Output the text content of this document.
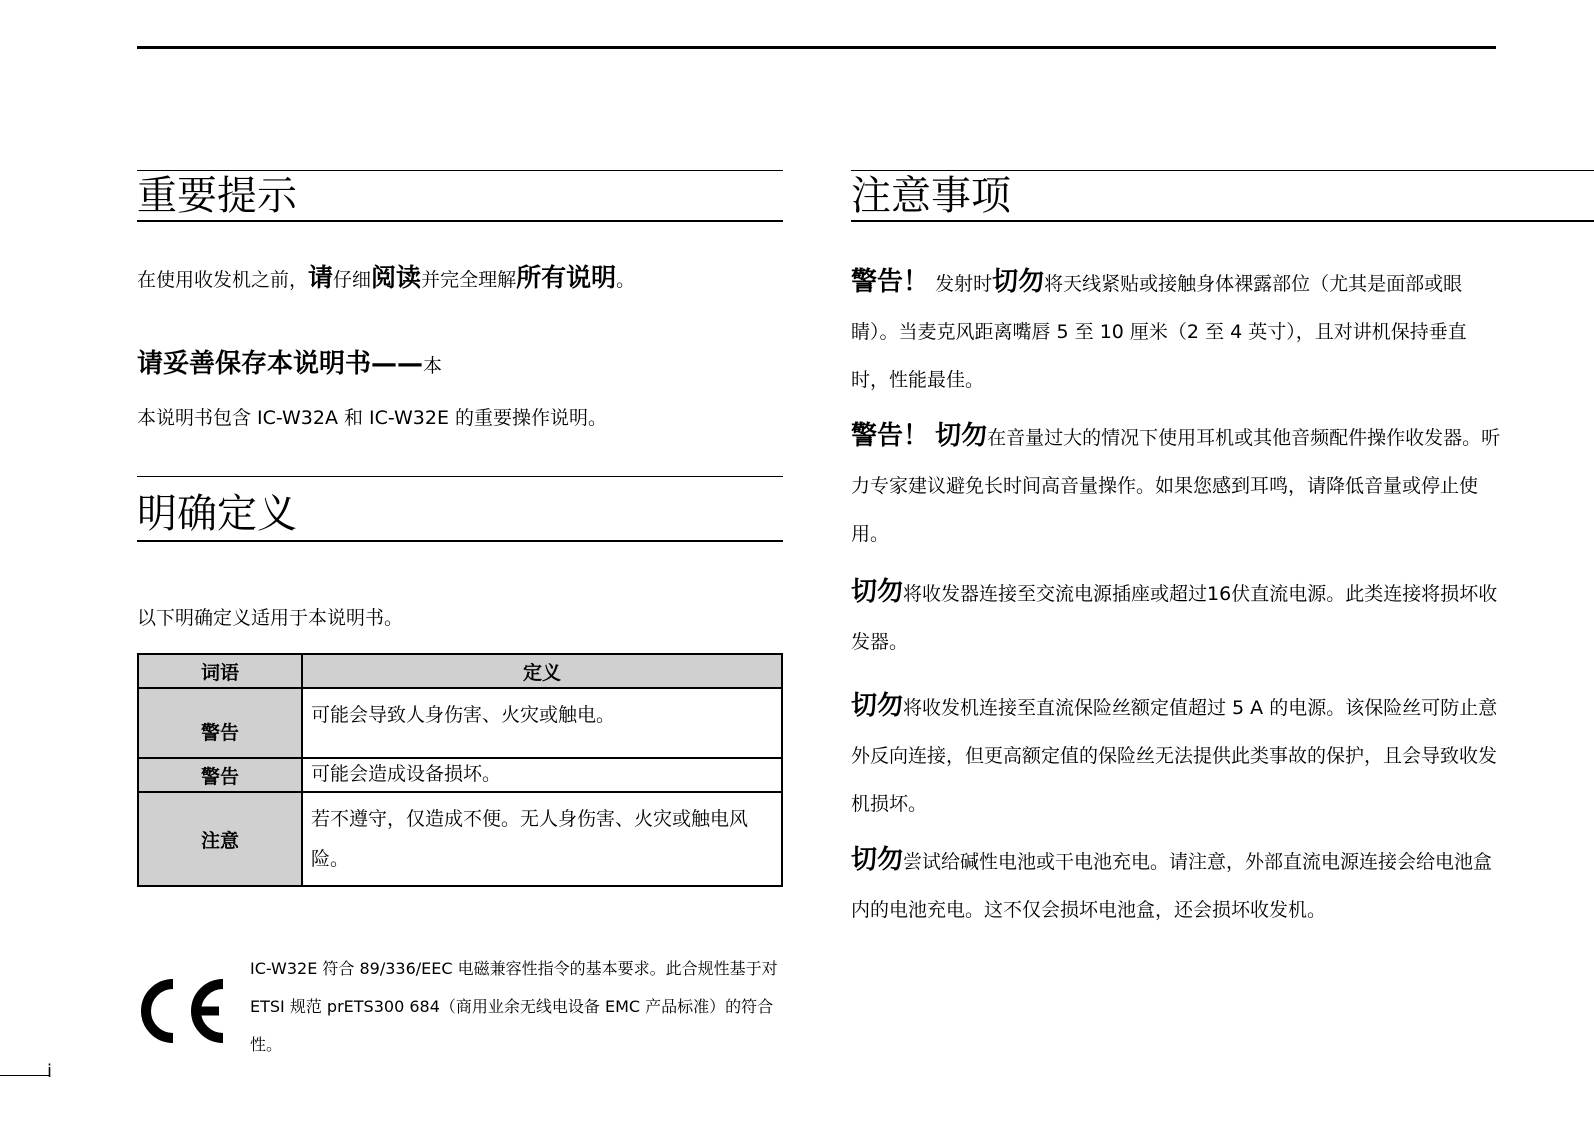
重要提示
在使用收发机之前，请仔细阅读并完全理解所有说明。
请妥善保存本说明书——本
本说明书包含 IC-W32A 和 IC-W32E 的重要操作说明。
明确定义
以下明确定义适用于本说明书。
词语	定义
警告	可能会导致人身伤害、火灾或触电。
警告	可能会造成设备损坏。
注意	若不遵守，仅造成不便。无人身伤害、火灾或触电风险。
IC-W32E 符合 89/336/EEC 电磁兼容性指令的基本要求。此合规性基于对 ETSI 规范 prETS300 684（商用业余无线电设备 EMC 产品标准）的符合性。
注意事项
警告！ 发射时切勿将天线紧贴或接触身体裸露部位（尤其是面部或眼睛）。当麦克风距离嘴唇 5 至 10 厘米（2 至 4 英寸），且对讲机保持垂直时，性能最佳。
警告！ 切勿在音量过大的情况下使用耳机或其他音频配件操作收发器。听力专家建议避免长时间高音量操作。如果您感到耳鸣，请降低音量或停止使用。
切勿将收发器连接至交流电源插座或超过16伏直流电源。此类连接将损坏收发器。
切勿将收发机连接至直流保险丝额定值超过 5 A 的电源。该保险丝可防止意外反向连接，但更高额定值的保险丝无法提供此类事故的保护，且会导致收发机损坏。
切勿尝试给碱性电池或干电池充电。请注意，外部直流电源连接会给电池盒内的电池充电。这不仅会损坏电池盒，还会损坏收发机。
i
